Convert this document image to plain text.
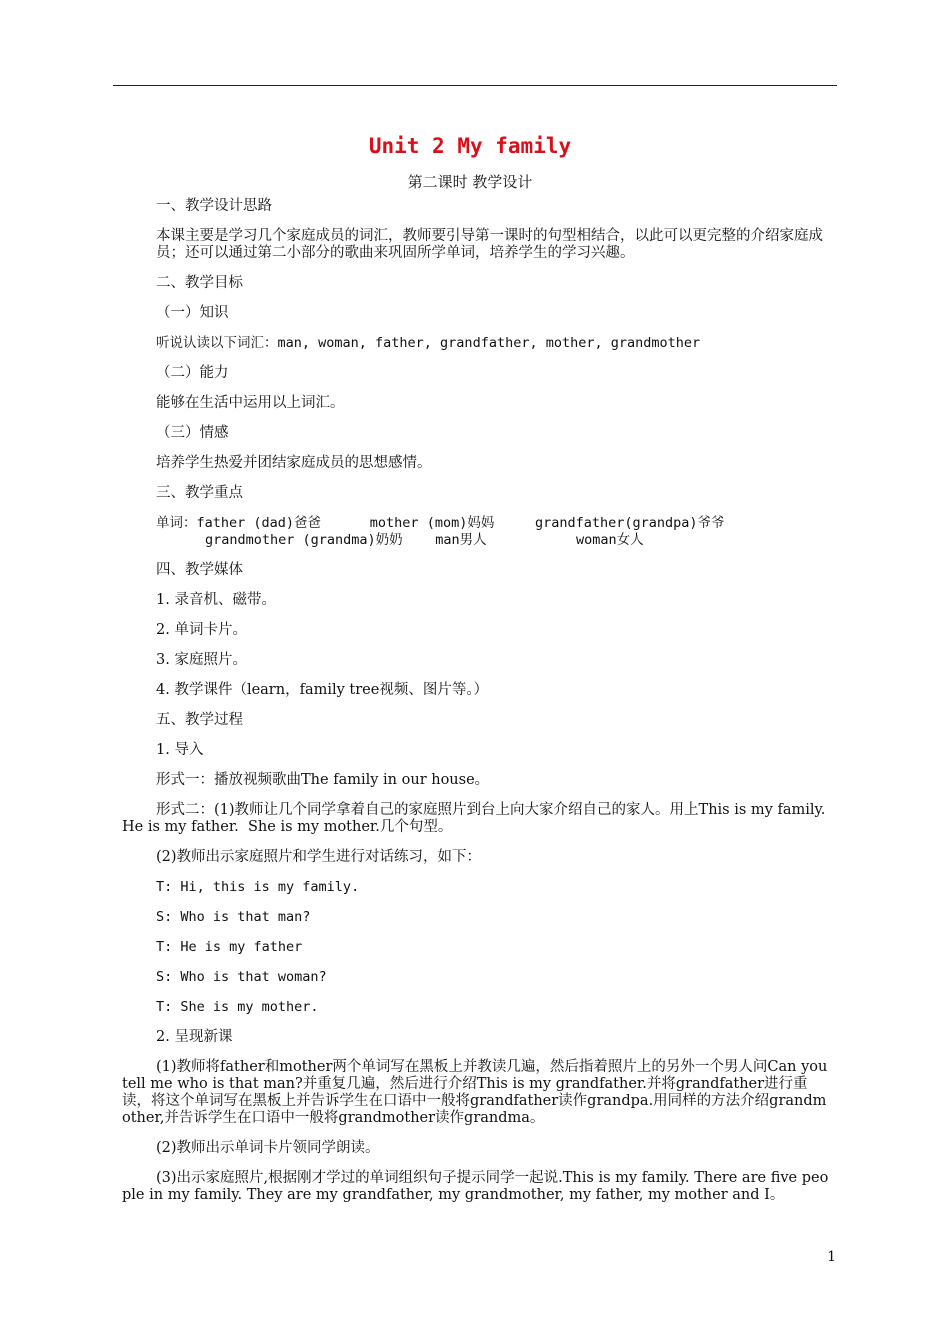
Unit 2 My family
第二课时 教学设计

一、教学设计思路

本课主要是学习几个家庭成员的词汇，教师要引导第一课时的句型相结合，以此可以更完整的介绍家庭成员；还可以通过第二小部分的歌曲来巩固所学单词，培养学生的学习兴趣。

二、教学目标

（一）知识

听说认读以下词汇：man, woman, father, grandfather, mother, grandmother

（二）能力

能够在生活中运用以上词汇。

（三）情感

培养学生热爱并团结家庭成员的思想感情。

三、教学重点

单词：father (dad)爸爸      mother (mom)妈妈     grandfather(grandpa)爷爷

grandmother (grandma)奶奶    man男人           woman女人

四、教学媒体

1. 录音机、磁带。

2. 单词卡片。

3. 家庭照片。

4. 教学课件（learn，family tree视频、图片等。）

五、教学过程

1. 导入

形式一：播放视频歌曲The family in our house。

形式二：(1)教师让几个同学拿着自己的家庭照片到台上向大家介绍自己的家人。用上This is my family.  He is my father.  She is my mother.几个句型。

(2)教师出示家庭照片和学生进行对话练习，如下：

T: Hi, this is my family.

S: Who is that man?

T: He is my father

S: Who is that woman?

T: She is my mother.

2. 呈现新课

(1)教师将father和mother两个单词写在黑板上并教读几遍，然后指着照片上的另外一个男人问Can you tell me who is that man?并重复几遍，然后进行介绍This is my grandfather.并将grandfather进行重读，将这个单词写在黑板上并告诉学生在口语中一般将grandfather读作grandpa.用同样的方法介绍grandmother,并告诉学生在口语中一般将grandmother读作grandma。

(2)教师出示单词卡片领同学朗读。

(3)出示家庭照片,根据刚才学过的单词组织句子提示同学一起说.This is my family. There are five people in my family. They are my grandfather, my grandmother, my father, my mother and I。

1
